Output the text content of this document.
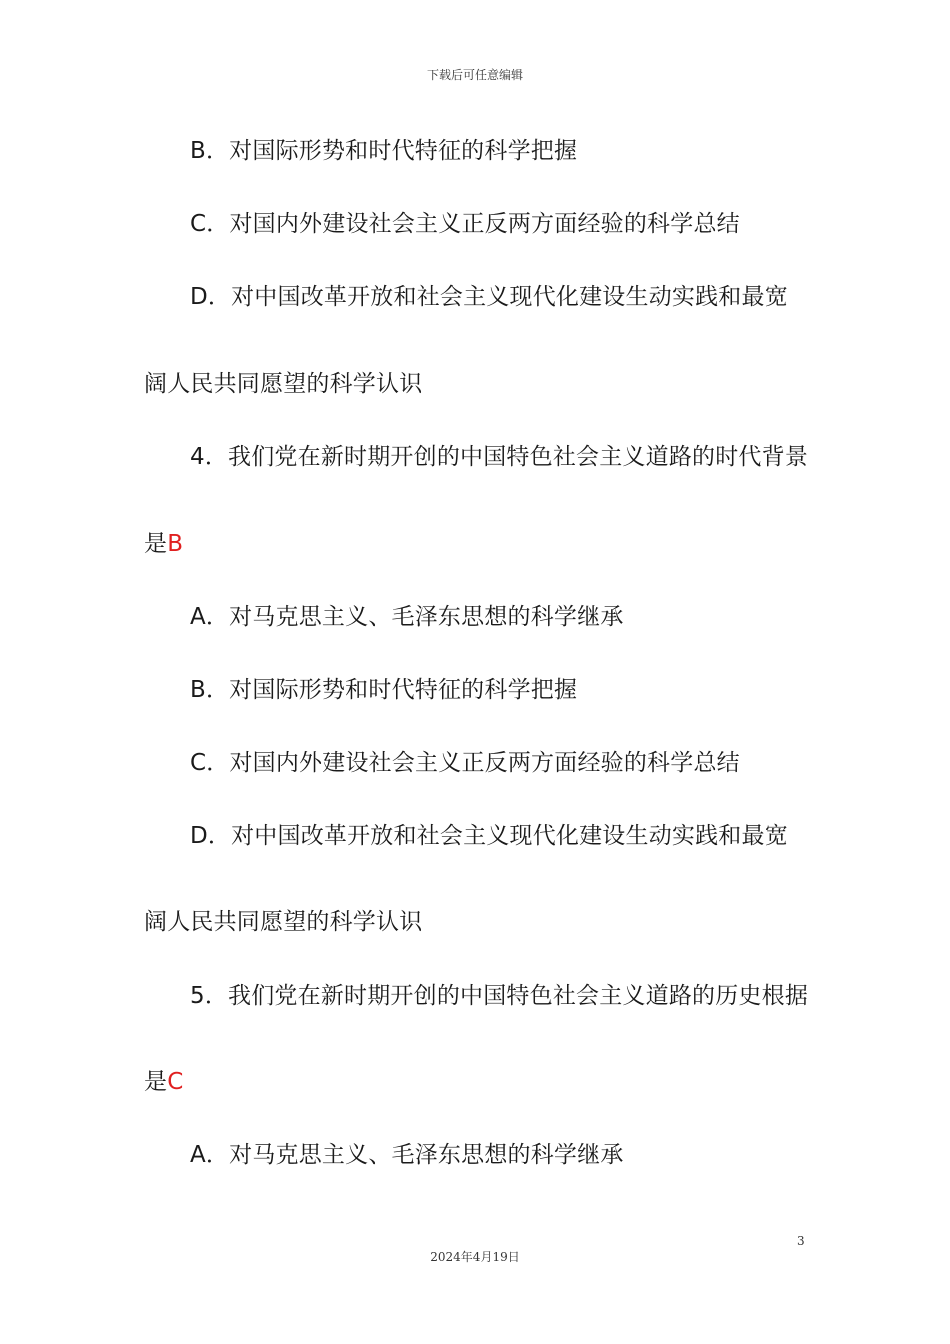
下载后可任意编辑
B．对国际形势和时代特征的科学把握
C．对国内外建设社会主义正反两方面经验的科学总结
D．对中国改革开放和社会主义现代化建设生动实践和最宽
阔人民共同愿望的科学认识
4．我们党在新时期开创的中国特色社会主义道路的时代背景
是B
A．对马克思主义、毛泽东思想的科学继承
B．对国际形势和时代特征的科学把握
C．对国内外建设社会主义正反两方面经验的科学总结
D．对中国改革开放和社会主义现代化建设生动实践和最宽
阔人民共同愿望的科学认识
5．我们党在新时期开创的中国特色社会主义道路的历史根据
是C
A．对马克思主义、毛泽东思想的科学继承
3
2024年4月19日
